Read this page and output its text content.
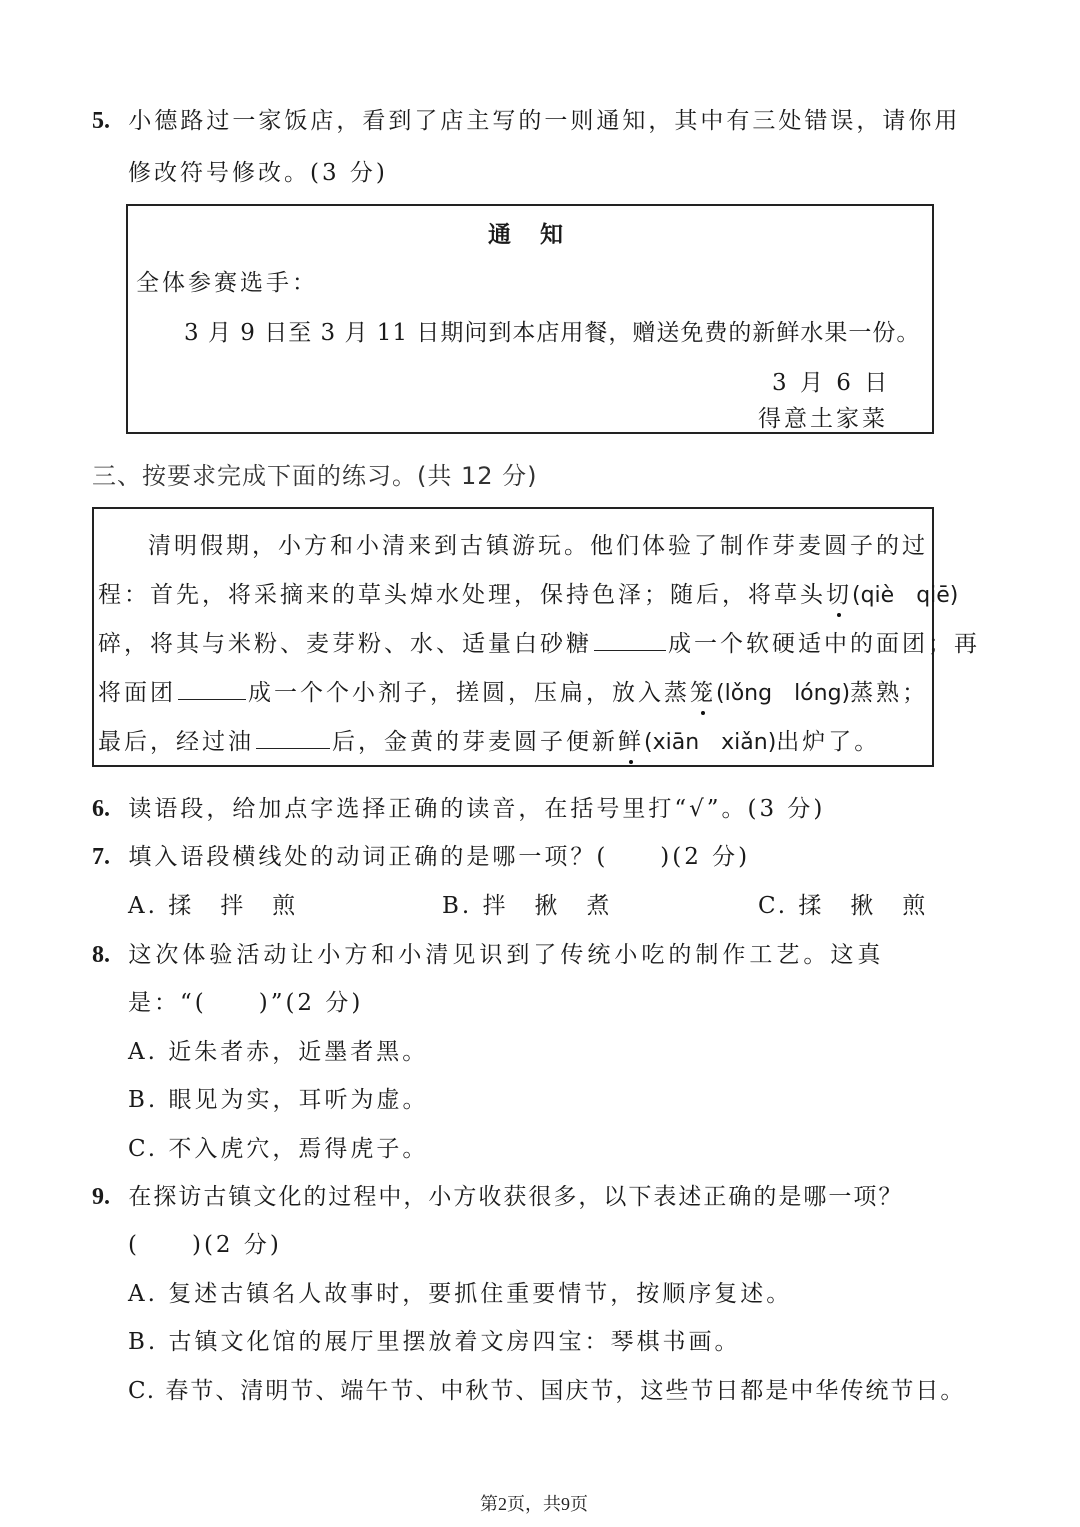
5. 小德路过一家饭店，看到了店主写的一则通知，其中有三处错误，请你用
修改符号修改。(3 分)
通　知
全体参赛选手：
3 月 9 日至 3 月 11 日期问到本店用餐，赠送免费的新鲜水果一份。
3 月 6 日
得意土家菜
三、按要求完成下面的练习。(共 12 分)
清明假期，小方和小清来到古镇游玩。他们体验了制作芽麦圆子的过
程：首先，将采摘来的草头焯水处理，保持色泽；随后，将草头切(qiè　qiē)
碎，将其与米粉、麦芽粉、水、适量白砂糖	成一个软硬适中的面团；再
将面团	成一个个小剂子，搓圆，压扁，放入蒸笼(lǒng　lóng)蒸熟；
最后，经过油	后，金黄的芽麦圆子便新鲜(xiān　xiǎn)出炉了。
6. 读语段，给加点字选择正确的读音，在括号里打“√”。(3 分)
7. 填入语段横线处的动词正确的是哪一项？(　　)(2 分)
A. 揉　拌　煎	B. 拌　揪　煮	C. 揉　揪　煎
8. 这次体验活动让小方和小清见识到了传统小吃的制作工艺。这真
是：“(　　)”(2 分)
A. 近朱者赤，近墨者黑。
B. 眼见为实，耳听为虚。
C. 不入虎穴，焉得虎子。
9. 在探访古镇文化的过程中，小方收获很多，以下表述正确的是哪一项？
(　　)(2 分)
A. 复述古镇名人故事时，要抓住重要情节，按顺序复述。
B. 古镇文化馆的展厅里摆放着文房四宝：琴棋书画。
C. 春节、清明节、端午节、中秋节、国庆节，这些节日都是中华传统节日。
第2页，共9页
